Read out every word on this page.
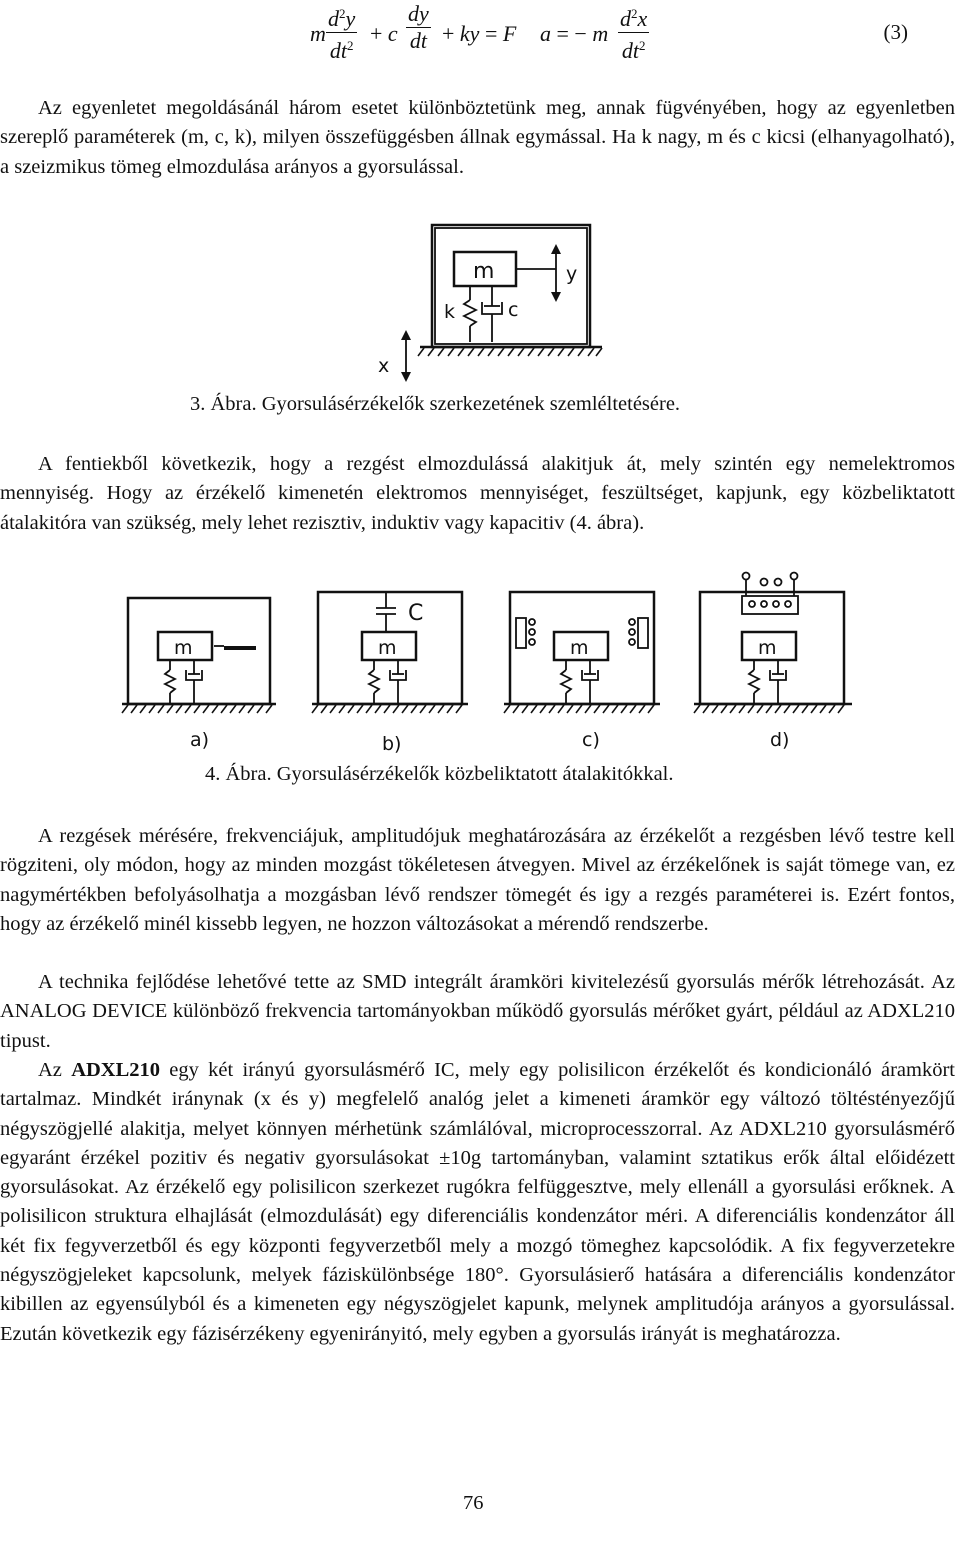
m $\frac{d^2y}{dt^2} + c \frac{dy}{dt}$ + ky = F a = − m $\frac{d^2x}{dt^2}$	(3)

Az egyenletet megoldásánál három esetet különböztetünk meg, annak fügvényében, hogy az egyenletben szereplő paraméterek (m, c, k), milyen összefüggésben állnak egymással. Ha k nagy, m és c kicsi (elhanyagolható), a szeizmikus tömeg elmozdulása arányos a gyorsulással.

m
k	c
y
x
3. Ábra. Gyorsulásérzékelők szerkezetének szemléltetésére.

A fentiekből következik, hogy a rezgést elmozdulássá alakitjuk át, mely szintén egy nemelektromos mennyiség. Hogy az érzékelő kimenetén elektromos mennyiséget, feszültséget, kapjunk, egy közbeliktatott átalakitóra van szükség, mely lehet rezisztiv, induktiv vagy kapacitiv (4. ábra).

m
a)
C
m
b)
m
c)
m
d)
4. Ábra. Gyorsulásérzékelők közbeliktatott átalakitókkal.

A rezgések mérésére, frekvenciájuk, amplitudójuk meghatározására az érzékelőt a rezgésben lévő testre kell rögziteni, oly módon, hogy az minden mozgást tökéletesen átvegyen. Mivel az érzékelőnek is saját tömege van, ez nagymértékben befolyásolhatja a mozgásban lévő rendszer tömegét és igy a rezgés paraméterei is. Ezért fontos, hogy az érzékelő minél kissebb legyen, ne hozzon változásokat a mérendő rendszerbe.

A technika fejlődése lehetővé tette az SMD integrált áramköri kivitelezésű gyorsulás mérők létrehozását. Az ANALOG DEVICE különböző frekvencia tartományokban működő gyorsulás mérőket gyárt, például az ADXL210 tipust.

Az ADXL210 egy két irányú gyorsulásmérő IC, mely egy polisilicon érzékelőt és kondicionáló áramkört tartalmaz. Mindkét iránynak (x és y) megfelelő analóg jelet a kimeneti áramkör egy változó töltéstényezőjű négyszögjellé alakitja, melyet könnyen mérhetünk számlálóval, microprocesszorral. Az ADXL210 gyorsulásmérő egyaránt érzékel pozitiv és negativ gyorsulásokat ±10g tartományban, valamint sztatikus erők által előidézett gyorsulásokat. Az érzékelő egy polisilicon szerkezet rugókra felfüggesztve, mely ellenáll a gyorsulási erőknek. A polisilicon struktura elhajlását (elmozdulását) egy diferenciális kondenzátor méri. A diferenciális kondenzátor áll két fix fegyverzetből és egy központi fegyverzetből mely a mozgó tömeghez kapcsolódik. A fix fegyverzetekre négyszögjeleket kapcsolunk, melyek fáziskülönbsége 180°. Gyorsulásierő hatására a diferenciális kondenzátor kibillen az egyensúlyból és a kimeneten egy négyszögjelet kapunk, melynek amplitudója arányos a gyorsulással. Ezután következik egy fázisérzékeny egyenirányitó, mely egyben a gyorsulás irányát is meghatározza.

76
